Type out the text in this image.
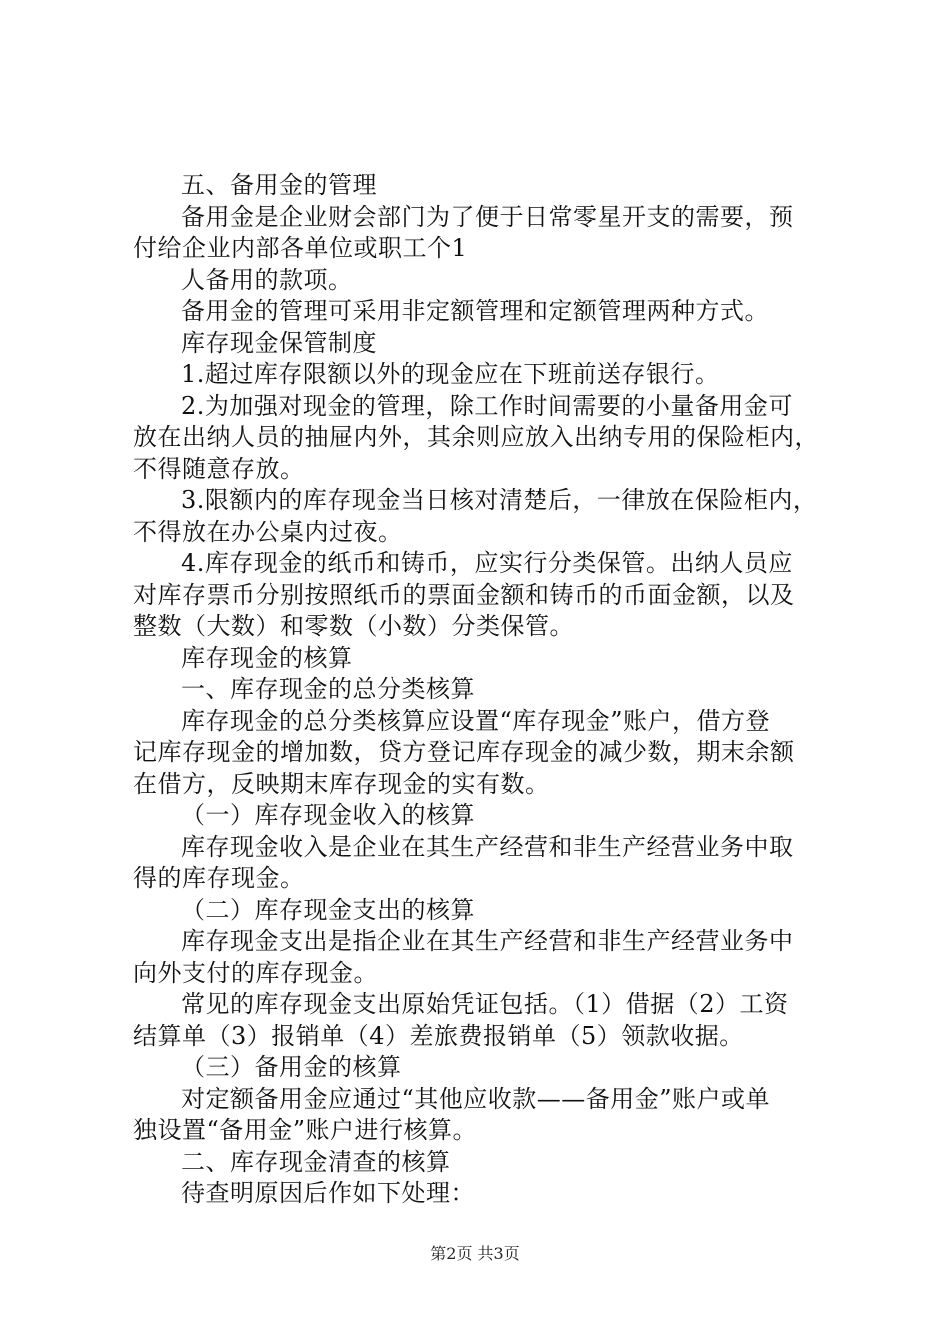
五、备用金的管理

备用金是企业财会部门为了便于日常零星开支的需要，预
付给企业内部各单位或职工个1

人备用的款项。

备用金的管理可采用非定额管理和定额管理两种方式。

库存现金保管制度

1.超过库存限额以外的现金应在下班前送存银行。

2.为加强对现金的管理，除工作时间需要的小量备用金可
放在出纳人员的抽屉内外，其余则应放入出纳专用的保险柜内，
不得随意存放。

3.限额内的库存现金当日核对清楚后，一律放在保险柜内，
不得放在办公桌内过夜。

4.库存现金的纸币和铸币，应实行分类保管。出纳人员应
对库存票币分别按照纸币的票面金额和铸币的币面金额，以及
整数（大数）和零数（小数）分类保管。

库存现金的核算

一、库存现金的总分类核算

库存现金的总分类核算应设置“库存现金”账户，借方登
记库存现金的增加数，贷方登记库存现金的减少数，期末余额
在借方，反映期末库存现金的实有数。

（一）库存现金收入的核算

库存现金收入是企业在其生产经营和非生产经营业务中取
得的库存现金。

（二）库存现金支出的核算

库存现金支出是指企业在其生产经营和非生产经营业务中
向外支付的库存现金。

常见的库存现金支出原始凭证包括。（1）借据（2）工资
结算单（3）报销单（4）差旅费报销单（5）领款收据。

（三）备用金的核算

对定额备用金应通过“其他应收款——备用金”账户或单
独设置“备用金”账户进行核算。

二、库存现金清查的核算

待查明原因后作如下处理：

第2页 共3页
